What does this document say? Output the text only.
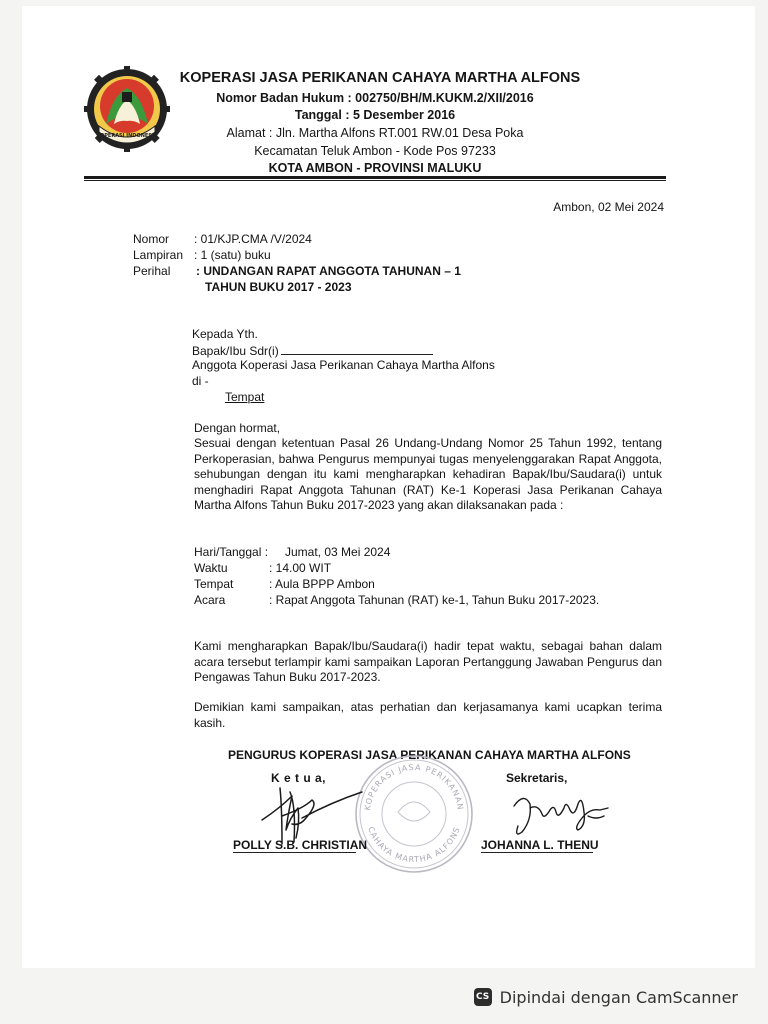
KOPERASI INDONESIA
KOPERASI JASA PERIKANAN CAHAYA MARTHA ALFONS
Nomor Badan Hukum : 002750/BH/M.KUKM.2/XII/2016
Tanggal : 5 Desember 2016
Alamat : Jln. Martha Alfons RT.001 RW.01 Desa Poka
Kecamatan Teluk Ambon - Kode Pos 97233
KOTA AMBON - PROVINSI MALUKU
Ambon, 02 Mei 2024
Nomor : 01/KJP.CMA /V/2024
Lampiran : 1 (satu) buku
Perihal : UNDANGAN RAPAT ANGGOTA TAHUNAN – 1
TAHUN BUKU 2017 - 2023
Kepada Yth.
Bapak/Ibu Sdr(i)
Anggota Koperasi Jasa Perikanan Cahaya Martha Alfons
di -
Tempat
Dengan hormat,
Sesuai dengan ketentuan Pasal 26 Undang-Undang Nomor 25 Tahun 1992, tentang Perkoperasian, bahwa Pengurus mempunyai tugas menyelenggarakan Rapat Anggota, sehubungan dengan itu kami mengharapkan kehadiran Bapak/Ibu/Saudara(i) untuk menghadiri Rapat Anggota Tahunan (RAT) Ke-1 Koperasi Jasa Perikanan Cahaya Martha Alfons Tahun Buku 2017-2023 yang akan dilaksanakan pada :
Hari/Tanggal : Jumat, 03 Mei 2024
Waktu	: 14.00 WIT
Tempat	: Aula BPPP Ambon
Acara	: Rapat Anggota Tahunan (RAT) ke-1, Tahun Buku 2017-2023.
Kami mengharapkan Bapak/Ibu/Saudara(i) hadir tepat waktu, sebagai bahan dalam acara tersebut terlampir kami sampaikan Laporan Pertanggung Jawaban Pengurus dan Pengawas Tahun Buku 2017-2023.
Demikian kami sampaikan, atas perhatian dan kerjasamanya kami ucapkan terima kasih.
PENGURUS KOPERASI JASA PERIKANAN CAHAYA MARTHA ALFONS
K e t u a,	Sekretaris,
KOPERASI JASA PERIKANAN
CAHAYA MARTHA ALFONS
POLLY S.B. CHRISTIAN	JOHANNA L. THENU
CS Dipindai dengan CamScanner
